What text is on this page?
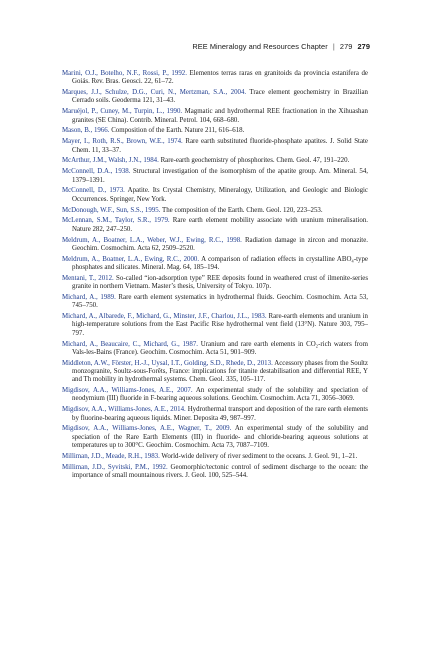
REE Mineralogy and Resources Chapter | 279 279

Marini, O.J., Botelho, N.F., Rossi, P., 1992. Elementos terras raras en granitoids da provincia estanifera de Goiás. Rev. Bras. Geosci. 22, 61–72.

Marques, J.J., Schulze, D.G., Curi, N., Mertzman, S.A., 2004. Trace element geochemistry in Brazilian Cerrado soils. Geoderma 121, 31–43.

Maruéjol, P., Cuney, M., Turpin, L., 1990. Magmatic and hydrothermal REE fractionation in the Xihuashan granites (SE China). Contrib. Mineral. Petrol. 104, 668–680.

Mason, B., 1966. Composition of the Earth. Nature 211, 616–618.

Mayer, I., Roth, R.S., Brown, W.E., 1974. Rare earth substituted fluoride-phosphate apatites. J. Solid State Chem. 11, 33–37.

McArthur, J.M., Walsh, J.N., 1984. Rare-earth geochemistry of phosphorites. Chem. Geol. 47, 191–220.

McConnell, D.A., 1938. Structural investigation of the isomorphism of the apatite group. Am. Mineral. 54, 1379–1391.

McConnell, D., 1973. Apatite. Its Crystal Chemistry, Mineralogy, Utilization, and Geologic and Biologic Occurrences. Springer, New York.

McDonough, W.F., Sun, S.S., 1995. The composition of the Earth. Chem. Geol. 120, 223–253.

McLennan, S.M., Taylor, S.R., 1979. Rare earth element mobility associate with uranium mineralisation. Nature 282, 247–250.

Meldrum, A., Boatner, L.A., Weber, W.J., Ewing, R.C., 1998. Radiation damage in zircon and monazite. Geochim. Cosmochim. Acta 62, 2509–2520.

Meldrum, A., Boatner, L.A., Ewing, R.C., 2000. A comparison of radiation effects in crystalline ABO₄-type phosphates and silicates. Mineral. Mag. 64, 185–194.

Mentani, T., 2012. So-called “ion-adsorption type” REE deposits found in weathered crust of ilmenite-series granite in northern Vietnam. Master’s thesis, University of Tokyo. 107p.

Michard, A., 1989. Rare earth element systematics in hydrothermal fluids. Geochim. Cosmochim. Acta 53, 745–750.

Michard, A., Albarede, F., Michard, G., Minster, J.F., Charlou, J.L., 1983. Rare-earth elements and uranium in high-temperature solutions from the East Pacific Rise hydrothermal vent field (13°N). Nature 303, 795–797.

Michard, A., Beaucaire, C., Michard, G., 1987. Uranium and rare earth elements in CO₂-rich waters from Vals-les-Bains (France). Geochim. Cosmochim. Acta 51, 901–909.

Middleton, A.W., Förster, H.-J., Uysal, I.T., Golding, S.D., Rhede, D., 2013. Accessory phases from the Soultz monzogranite, Soultz-sous-Forêts, France: implications for titanite destabilisation and differential REE, Y and Th mobility in hydrothermal systems. Chem. Geol. 335, 105–117.

Migdisov, A.A., Williams-Jones, A.E., 2007. An experimental study of the solubility and speciation of neodymium (III) fluoride in F-bearing aqueous solutions. Geochim. Cosmochim. Acta 71, 3056–3069.

Migdisov, A.A., Williams-Jones, A.E., 2014. Hydrothermal transport and deposition of the rare earth elements by fluorine-bearing aqueous liquids. Miner. Deposita 49, 987–997.

Migdisov, A.A., Williams-Jones, A.E., Wagner, T., 2009. An experimental study of the solubility and speciation of the Rare Earth Elements (III) in fluoride- and chloride-bearing aqueous solutions at temperatures up to 300°C. Geochim. Cosmochim. Acta 73, 7087–7109.

Milliman, J.D., Meade, R.H., 1983. World-wide delivery of river sediment to the oceans. J. Geol. 91, 1–21.

Milliman, J.D., Syvitski, P.M., 1992. Geomorphic/tectonic control of sediment discharge to the ocean: the importance of small mountainous rivers. J. Geol. 100, 525–544.
